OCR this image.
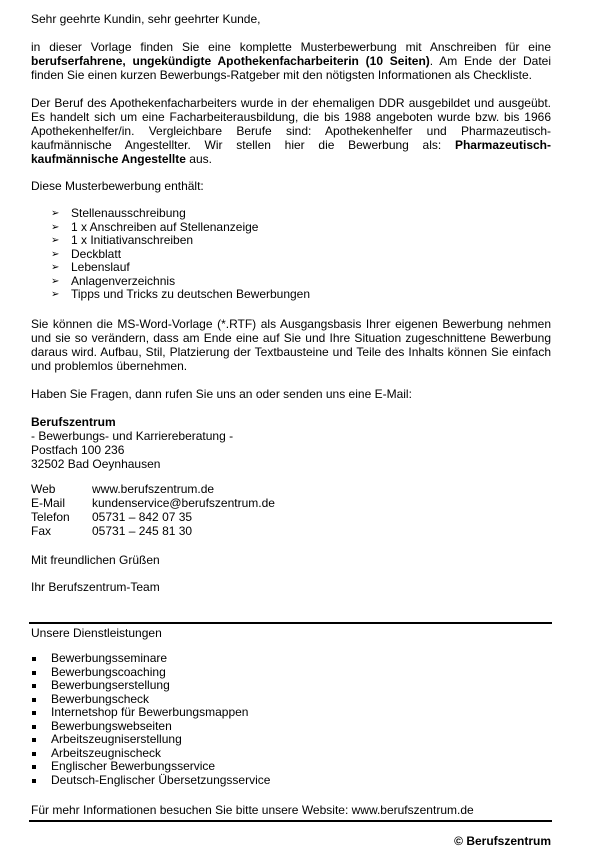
Sehr geehrte Kundin, sehr geehrter Kunde,

in dieser Vorlage finden Sie eine komplette Musterbewerbung mit Anschreiben für eine berufserfahrene, ungekündigte Apothekenfacharbeiterin (10 Seiten). Am Ende der Datei finden Sie einen kurzen Bewerbungs-Ratgeber mit den nötigsten Informationen als Checkliste.

Der Beruf des Apothekenfacharbeiters wurde in der ehemaligen DDR ausgebildet und ausgeübt. Es handelt sich um eine Facharbeiterausbildung, die bis 1988 angeboten wurde bzw. bis 1966 Apothekenhelfer/in. Vergleichbare Berufe sind: Apothekenhelfer und Pharmazeutisch-kaufmännische Angestellter. Wir stellen hier die Bewerbung als: Pharmazeutisch-kaufmännische Angestellte aus.

Diese Musterbewerbung enthält:

➢ Stellenausschreibung
➢ 1 x Anschreiben auf Stellenanzeige
➢ 1 x Initiativanschreiben
➢ Deckblatt
➢ Lebenslauf
➢ Anlagenverzeichnis
➢ Tipps und Tricks zu deutschen Bewerbungen

Sie können die MS-Word-Vorlage (*.RTF) als Ausgangsbasis Ihrer eigenen Bewerbung nehmen und sie so verändern, dass am Ende eine auf Sie und Ihre Situation zugeschnittene Bewerbung daraus wird. Aufbau, Stil, Platzierung der Textbausteine und Teile des Inhalts können Sie einfach und problemlos übernehmen.

Haben Sie Fragen, dann rufen Sie uns an oder senden uns eine E-Mail:

Berufszentrum

- Bewerbungs- und Karriereberatung -

Postfach 100 236

32502 Bad Oeynhausen

Web	www.berufszentrum.de
E-Mail kundenservice@berufszentrum.de
Telefon 05731 – 842 07 35
Fax	05731 – 245 81 30

Mit freundlichen Grüßen

Ihr Berufszentrum-Team

Unsere Dienstleistungen

Bewerbungsseminare
Bewerbungscoaching
Bewerbungserstellung
Bewerbungscheck
Internetshop für Bewerbungsmappen
Bewerbungswebseiten
Arbeitszeugniserstellung
Arbeitszeugnischeck
Englischer Bewerbungsservice
Deutsch-Englischer Übersetzungsservice

Für mehr Informationen besuchen Sie bitte unsere Website: www.berufszentrum.de

© Berufszentrum
